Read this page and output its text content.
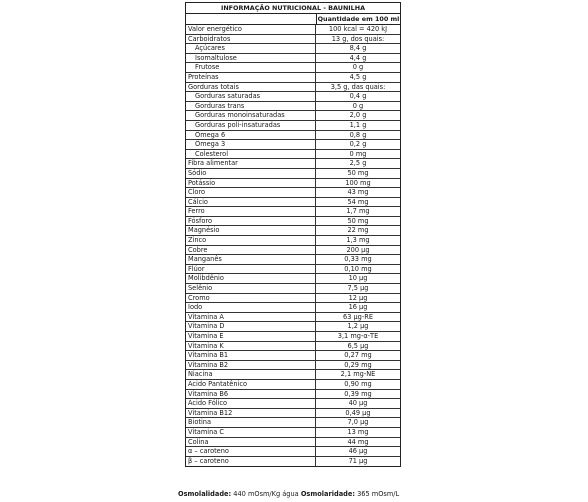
INFORMAÇÃO NUTRICIONAL - BAUNILHA
Quantidade em 100 ml
Valor energético	100 kcal = 420 kJ
Carboidratos	13 g, dos quais:
Açúcares	8,4 g
Isomaltulose	4,4 g
Frutose	0 g
Proteínas	4,5 g
Gorduras totais	3,5 g, das quais:
Gorduras saturadas	0,4 g
Gorduras trans	0 g
Gorduras monoinsaturadas	2,0 g
Gorduras poli-insaturadas	1,1 g
Ômega 6	0,8 g
Ômega 3	0,2 g
Colesterol	0 mg
Fibra alimentar	2,5 g
Sódio	50 mg
Potássio	100 mg
Cloro	43 mg
Cálcio	54 mg
Ferro	1,7 mg
Fósforo	50 mg
Magnésio	22 mg
Zinco	1,3 mg
Cobre	200 µg
Manganês	0,33 mg
Flúor	0,10 mg
Molibdênio	10 µg
Selênio	7,5 µg
Cromo	12 µg
Iodo	16 µg
Vitamina A	63 µg-RE
Vitamina D	1,2 µg
Vitamina E	3,1 mg-α-TE
Vitamina K	6,5 µg
Vitamina B1	0,27 mg
Vitamina B2	0,29 mg
Niacina	2,1 mg-NE
Ácido Pantatênico	0,90 mg
Vitamina B6	0,39 mg
Ácido Fólico	40 µg
Vitamina B12	0,49 µg
Biotina	7,0 µg
Vitamina C	13 mg
Colina	44 mg
α – caroteno	46 µg
β – caroteno	71 µg
Osmolalidade: 440 mOsm/Kg água Osmolaridade: 365 mOsm/L
